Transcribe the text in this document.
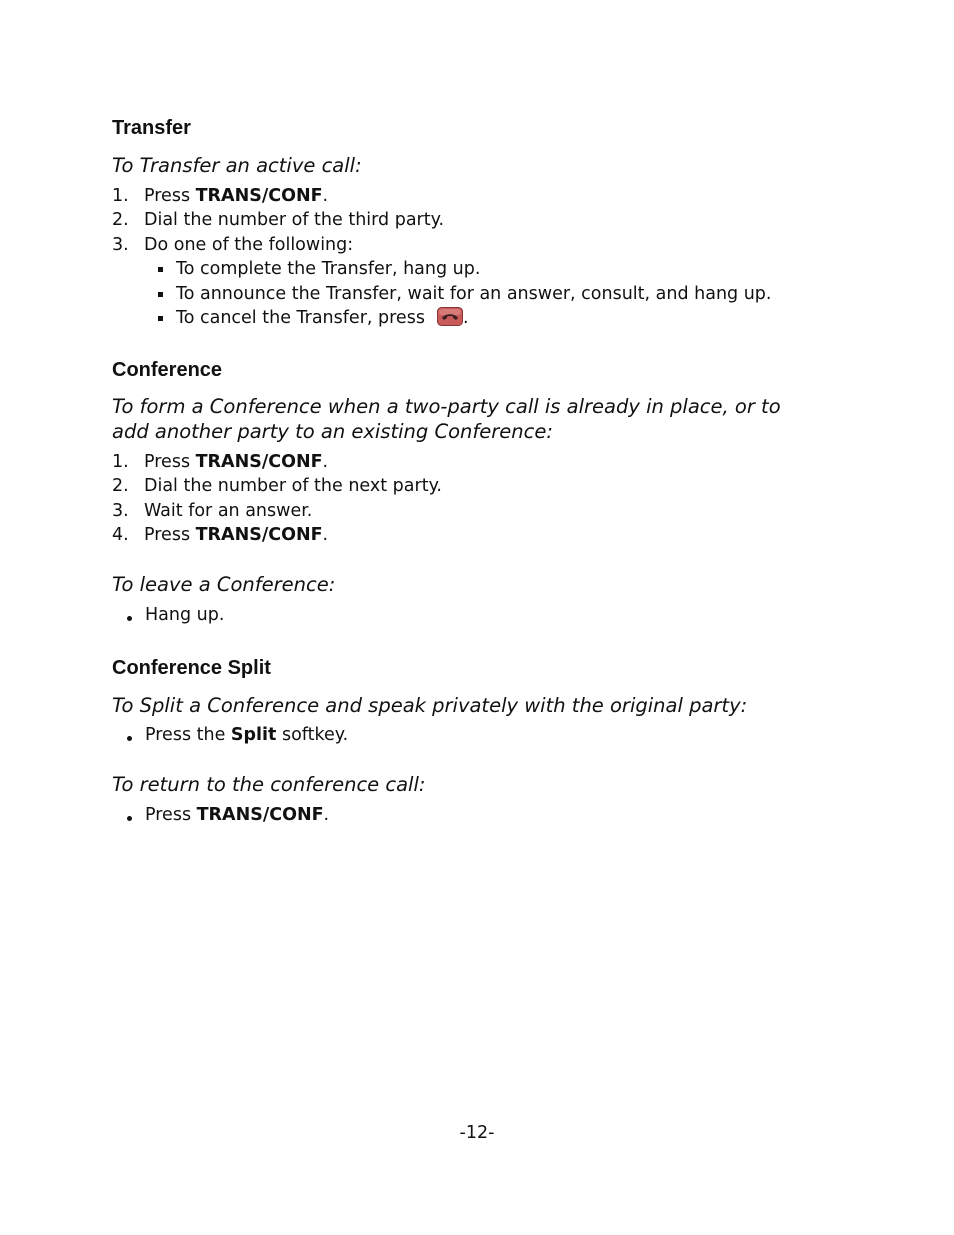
Transfer
To Transfer an active call:
1. Press TRANS/CONF.
2. Dial the number of the third party.
3. Do one of the following:
To complete the Transfer, hang up.
To announce the Transfer, wait for an answer, consult, and hang up.
To cancel the Transfer, press .
Conference
To form a Conference when a two-party call is already in place, or to
add another party to an existing Conference:
1. Press TRANS/CONF.
2. Dial the number of the next party.
3. Wait for an answer.
4. Press TRANS/CONF.
To leave a Conference:
Hang up.
Conference Split
To Split a Conference and speak privately with the original party:
Press the Split softkey.
To return to the conference call:
Press TRANS/CONF.
-12-
